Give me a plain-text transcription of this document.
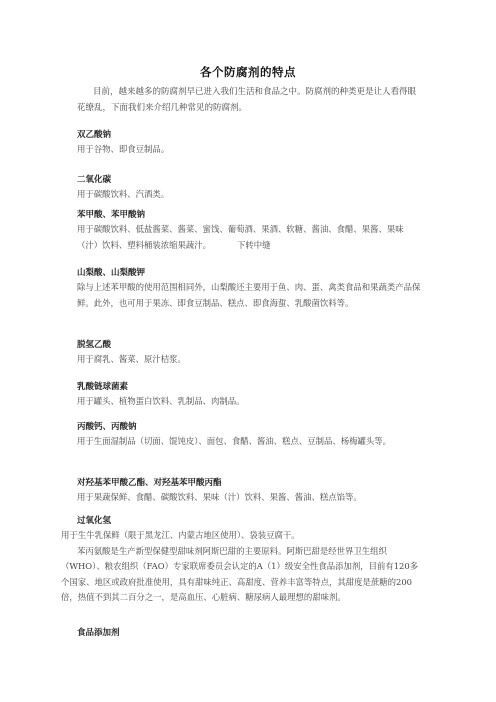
各个防腐剂的特点
目前，越来越多的防腐剂早已进入我们生活和食品之中。防腐剂的种类更是让人看得眼花缭乱，下面我们来介绍几种常见的防腐剂。
双乙酸钠
用于谷物、即食豆制品。
二氧化碳
用于碳酸饮料、汽酒类。
苯甲酸、苯甲酸钠
用于碳酸饮料、低盐酱菜、酱菜、蜜饯、葡萄酒、果酒、软糖、酱油、食醋、果酱、果味（汁）饮料、塑料桶装浓缩果蔬汁。	下转中缝
山梨酸、山梨酸钾
除与上述苯甲酸的使用范围相同外，山梨酸还主要用于鱼、肉、蛋、禽类食品和果蔬类产品保鲜。此外，也可用于果冻、即食豆制品、糕点、即食海蜇、乳酸菌饮料等。
脱氢乙酸
用于腐乳、酱菜、原汁桔浆。
乳酸链球菌素
用于罐头、植物蛋白饮料、乳制品、肉制品。
丙酸钙、丙酸钠
用于生面湿制品（切面、馄饨皮）、面包、食醋、酱油、糕点、豆制品、杨梅罐头等。
对羟基苯甲酸乙酯、对羟基苯甲酸丙酯
用于果蔬保鲜、食醋、碳酸饮料、果味（汁）饮料、果酱、酱油、糕点馅等。
过氧化氢
用于生牛乳保鲜（限于黑龙江、内蒙古地区使用）、袋装豆腐干。
苯丙氨酸是生产新型保健型甜味剂阿斯巴甜的主要原料。阿斯巴甜是经世界卫生组织（WHO）、粮农组织（FAO）专家联席委员会认定的A（1）级安全性食品添加剂，目前有120多个国家、地区或政府批准使用，具有甜味纯正、高甜度、营养丰富等特点，其甜度是蔗糖的200倍，热值不到其二百分之一，是高血压、心脏病、糖尿病人最理想的甜味剂。
食品添加剂
